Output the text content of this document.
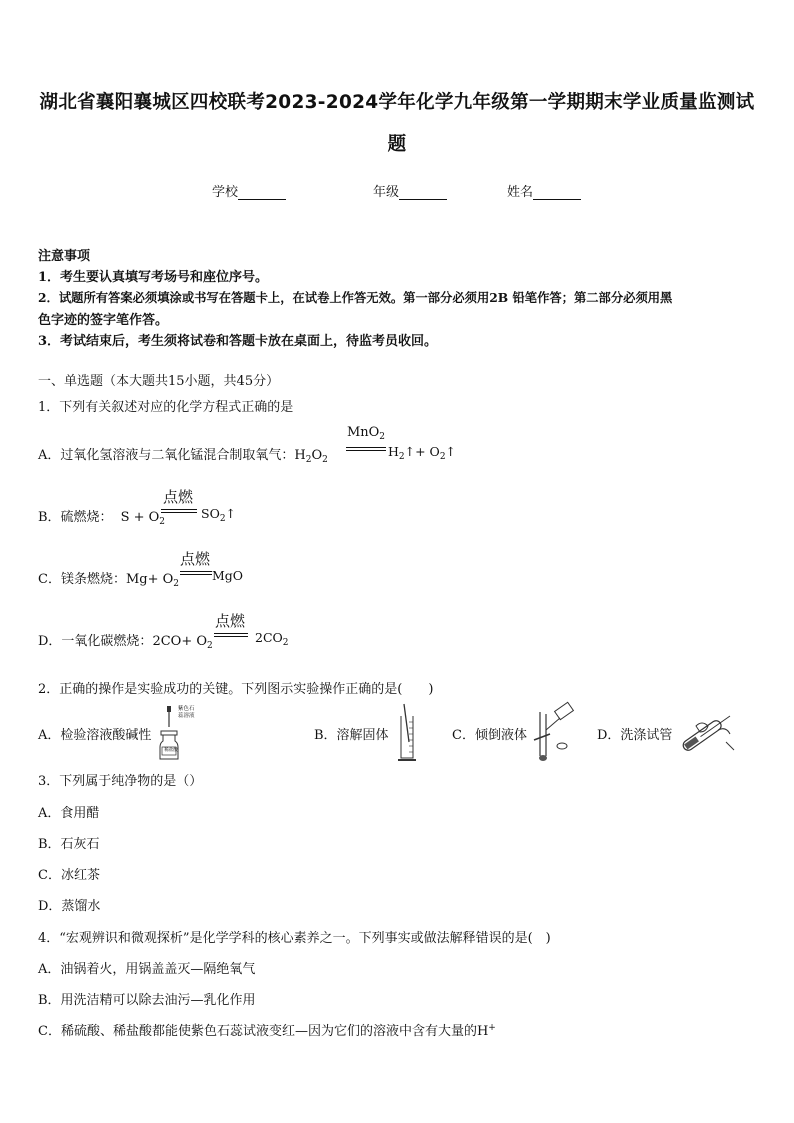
湖北省襄阳襄城区四校联考2023-2024学年化学九年级第一学期期末学业质量监测试
题
学校	年级	姓名
注意事项
1．考生要认真填写考场号和座位序号。
2．试题所有答案必须填涂或书写在答题卡上，在试卷上作答无效。第一部分必须用2B 铅笔作答；第二部分必须用黑
色字迹的签字笔作答。
3．考试结束后，考生须将试卷和答题卡放在桌面上，待监考员收回。
一、单选题（本大题共15小题，共45分）
1．下列有关叙述对应的化学方程式正确的是
A．过氧化氢溶液与二氧化锰混合制取氧气：$H_2O_2$
MnO$_2$
$H_2↑+$ $O_2↑$
B．硫燃烧： $S + O_2$
点燃
$SO_2↑$
C．镁条燃烧：$Mg+ O_2$
点燃
MgO
D．一氧化碳燃烧：$2CO+ O_2$
点燃
$2CO_2$
2．正确的操作是实验成功的关键。下列图示实验操作正确的是(　　)
A．检验溶液酸碱性
紫色石
蕊溶液
稀盐酸
B．溶解固体	C．倾倒液体	D．洗涤试管
3．下列属于纯净物的是（）
A．食用醋
B．石灰石
C．冰红茶
D．蒸馏水
4．“宏观辨识和微观探析”是化学学科的核心素养之一。下列事实或做法解释错误的是(　)
A．油锅着火，用锅盖盖灭—隔绝氧气
B．用洗洁精可以除去油污—乳化作用
C．稀硫酸、稀盐酸都能使紫色石蕊试液变红—因为它们的溶液中含有大量的H+
